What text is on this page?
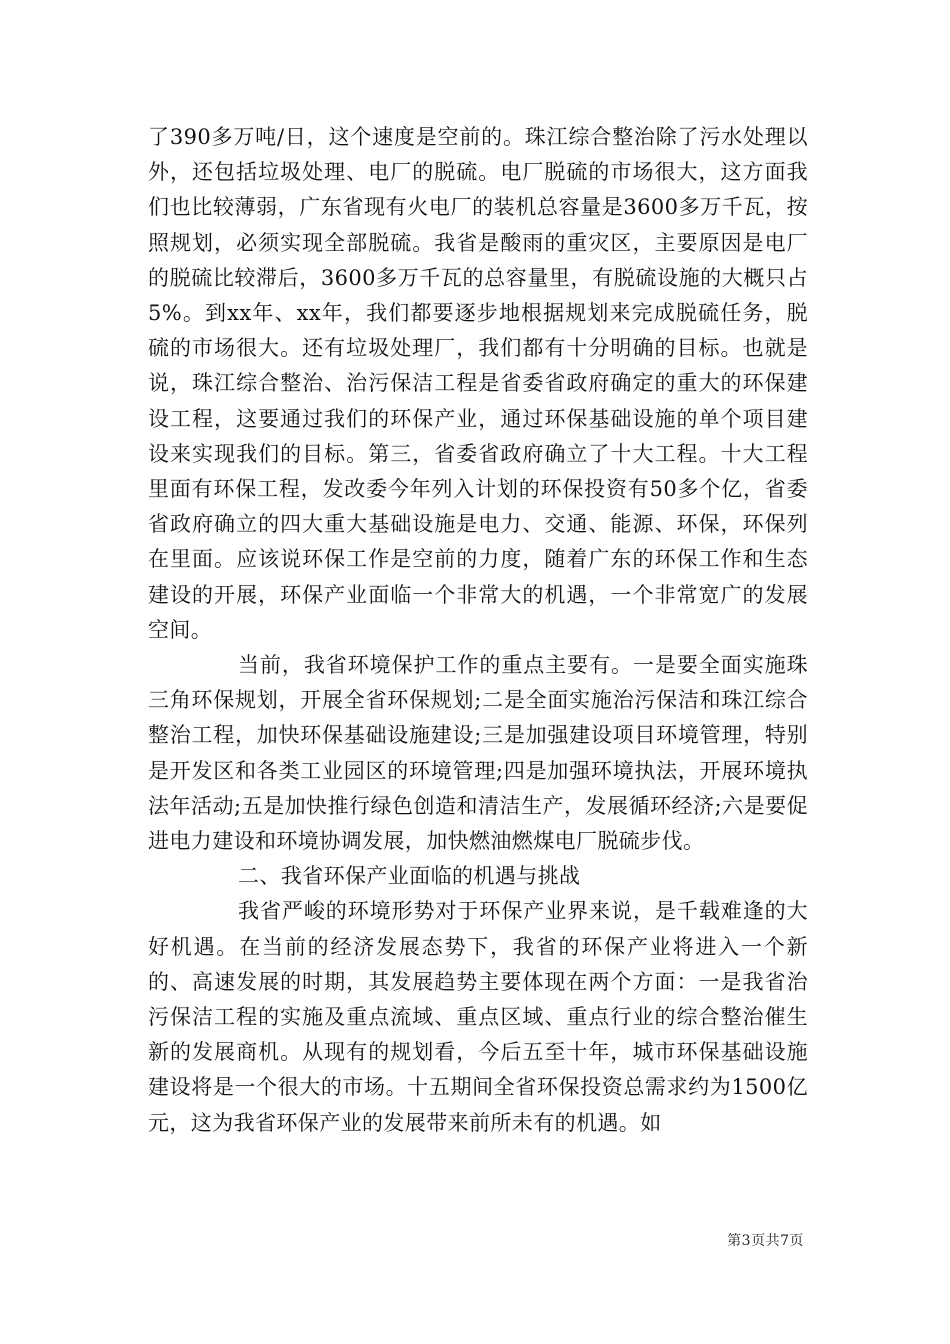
了390多万吨/日，这个速度是空前的。珠江综合整治除了污水处理以外，还包括垃圾处理、电厂的脱硫。电厂脱硫的市场很大，这方面我们也比较薄弱，广东省现有火电厂的装机总容量是3600多万千瓦，按照规划，必须实现全部脱硫。我省是酸雨的重灾区，主要原因是电厂的脱硫比较滞后，3600多万千瓦的总容量里，有脱硫设施的大概只占5%。到xx年、xx年，我们都要逐步地根据规划来完成脱硫任务，脱硫的市场很大。还有垃圾处理厂，我们都有十分明确的目标。也就是说，珠江综合整治、治污保洁工程是省委省政府确定的重大的环保建设工程，这要通过我们的环保产业，通过环保基础设施的单个项目建设来实现我们的目标。第三，省委省政府确立了十大工程。十大工程里面有环保工程，发改委今年列入计划的环保投资有50多个亿，省委省政府确立的四大重大基础设施是电力、交通、能源、环保，环保列在里面。应该说环保工作是空前的力度，随着广东的环保工作和生态建设的开展，环保产业面临一个非常大的机遇，一个非常宽广的发展空间。

当前，我省环境保护工作的重点主要有。一是要全面实施珠三角环保规划，开展全省环保规划;二是全面实施治污保洁和珠江综合整治工程，加快环保基础设施建设;三是加强建设项目环境管理，特别是开发区和各类工业园区的环境管理;四是加强环境执法，开展环境执法年活动;五是加快推行绿色创造和清洁生产，发展循环经济;六是要促进电力建设和环境协调发展，加快燃油燃煤电厂脱硫步伐。

二、我省环保产业面临的机遇与挑战

我省严峻的环境形势对于环保产业界来说，是千载难逢的大好机遇。在当前的经济发展态势下，我省的环保产业将进入一个新的、高速发展的时期，其发展趋势主要体现在两个方面：一是我省治污保洁工程的实施及重点流域、重点区域、重点行业的综合整治催生新的发展商机。从现有的规划看，今后五至十年，城市环保基础设施建设将是一个很大的市场。十五期间全省环保投资总需求约为1500亿元，这为我省环保产业的发展带来前所未有的机遇。如

第3页共7页
